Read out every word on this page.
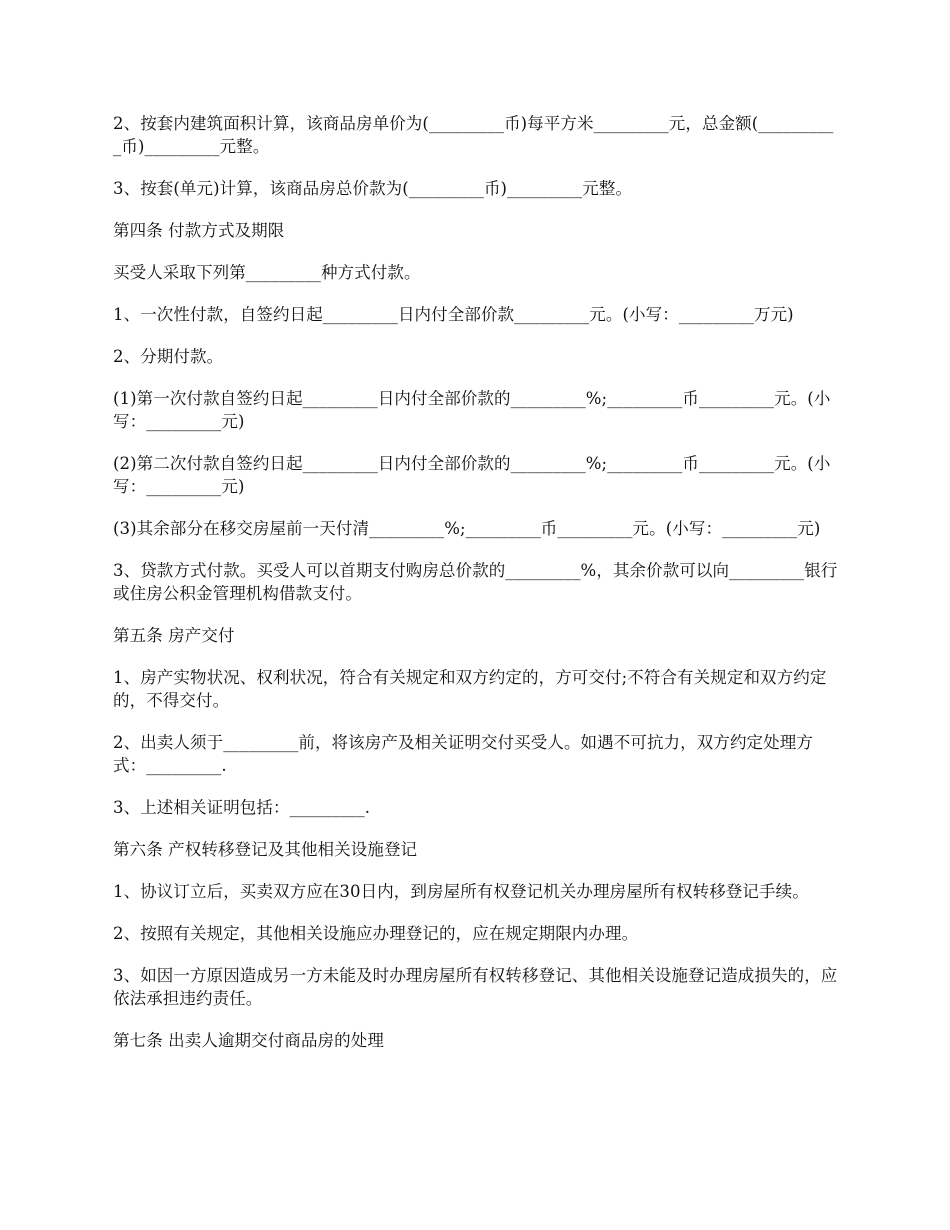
2、按套内建筑面积计算，该商品房单价为(_________币)每平方米_________元，总金额(__________币)_________元整。

3、按套(单元)计算，该商品房总价款为(_________币)_________元整。

第四条 付款方式及期限

买受人采取下列第_________种方式付款。

1、一次性付款，自签约日起_________日内付全部价款_________元。(小写：_________万元)

2、分期付款。

(1)第一次付款自签约日起_________日内付全部价款的_________%;_________币_________元。(小写：_________元)

(2)第二次付款自签约日起_________日内付全部价款的_________%;_________币_________元。(小写：_________元)

(3)其余部分在移交房屋前一天付清_________%;_________币_________元。(小写：_________元)

3、贷款方式付款。买受人可以首期支付购房总价款的_________%，其余价款可以向_________银行或住房公积金管理机构借款支付。

第五条 房产交付

1、房产实物状况、权利状况，符合有关规定和双方约定的，方可交付;不符合有关规定和双方约定的，不得交付。

2、出卖人须于_________前，将该房产及相关证明交付买受人。如遇不可抗力，双方约定处理方式：_________.

3、上述相关证明包括：_________.

第六条 产权转移登记及其他相关设施登记

1、协议订立后，买卖双方应在30日内，到房屋所有权登记机关办理房屋所有权转移登记手续。

2、按照有关规定，其他相关设施应办理登记的，应在规定期限内办理。

3、如因一方原因造成另一方未能及时办理房屋所有权转移登记、其他相关设施登记造成损失的，应依法承担违约责任。

第七条 出卖人逾期交付商品房的处理
